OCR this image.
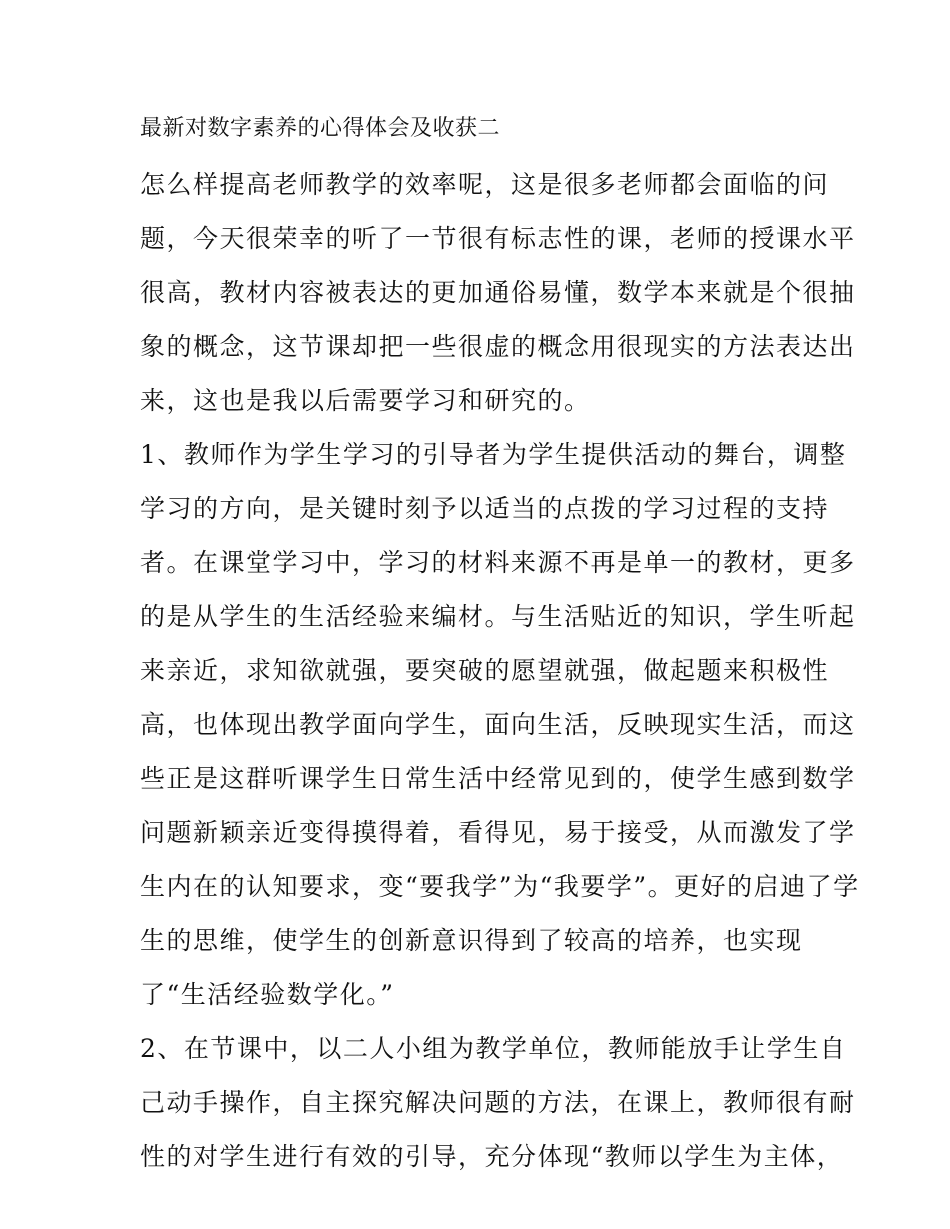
最新对数字素养的心得体会及收获二
怎么样提高老师教学的效率呢，这是很多老师都会面临的问
题，今天很荣幸的听了一节很有标志性的课，老师的授课水平
很高，教材内容被表达的更加通俗易懂，数学本来就是个很抽
象的概念，这节课却把一些很虚的概念用很现实的方法表达出
来，这也是我以后需要学习和研究的。
1、教师作为学生学习的引导者为学生提供活动的舞台，调整
学习的方向，是关键时刻予以适当的点拨的学习过程的支持
者。在课堂学习中，学习的材料来源不再是单一的教材，更多
的是从学生的生活经验来编材。与生活贴近的知识，学生听起
来亲近，求知欲就强，要突破的愿望就强，做起题来积极性
高，也体现出教学面向学生，面向生活，反映现实生活，而这
些正是这群听课学生日常生活中经常见到的，使学生感到数学
问题新颖亲近变得摸得着，看得见，易于接受，从而激发了学
生内在的认知要求，变“要我学”为“我要学”。更好的启迪了学
生的思维，使学生的创新意识得到了较高的培养，也实现
了“生活经验数学化。”
2、在节课中，以二人小组为教学单位，教师能放手让学生自
己动手操作，自主探究解决问题的方法，在课上，教师很有耐
性的对学生进行有效的引导，充分体现“教师以学生为主体，
